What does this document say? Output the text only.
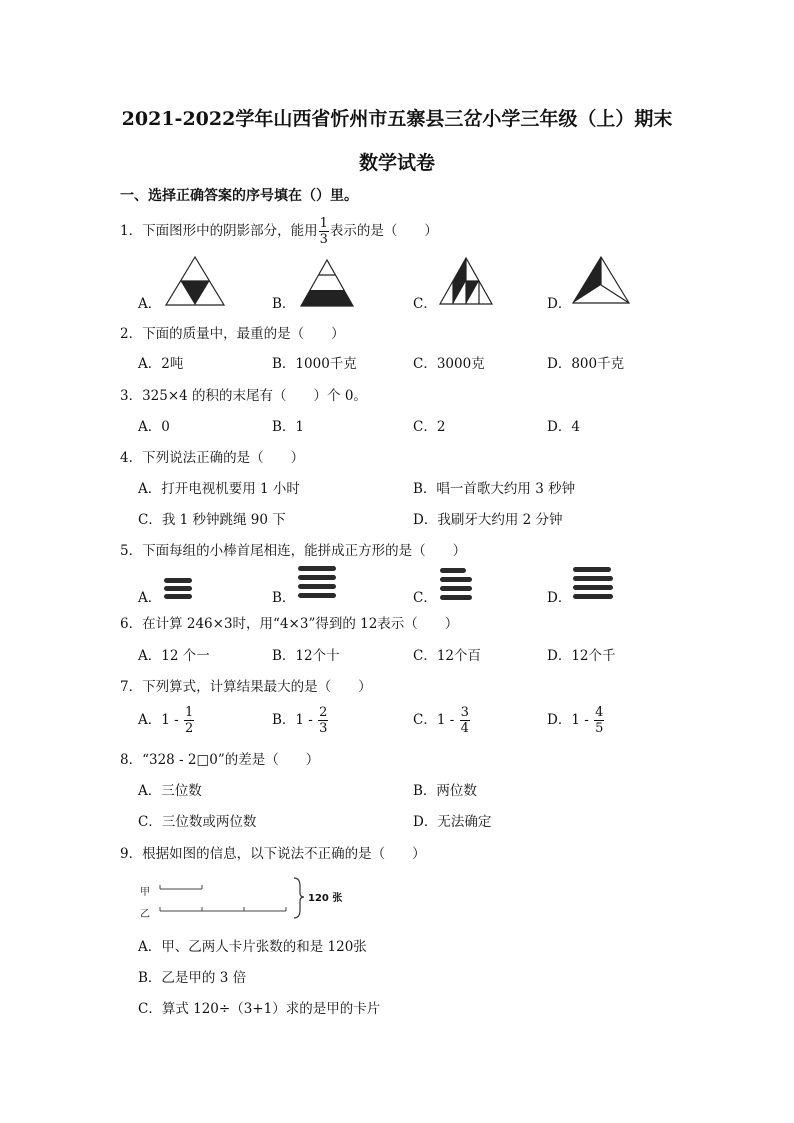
2021-2022学年山西省忻州市五寨县三岔小学三年级（上）期末
数学试卷
一、选择正确答案的序号填在（）里。
1．下面图形中的阴影部分，能用 $\frac{1}{3}$ 表示的是（　　）
A．	B．	C．	D．
2．下面的质量中，最重的是（　　）
A．2吨	B．1000千克	C．3000克	D．800千克
3．325×4 的积的末尾有（　　）个 0。
A．0	B．1	C．2	D．4
4．下列说法正确的是（　　）
A．打开电视机要用 1 小时	B．唱一首歌大约用 3 秒钟
C．我 1 秒钟跳绳 90 下	D．我刷牙大约用 2 分钟
5．下面每组的小棒首尾相连，能拼成正方形的是（　　）
A．	B．	C．	D．
6．在计算 246×3时，用“4×3”得到的 12表示（　　）
A．12 个一	B．12个十	C．12个百	D．12个千
7．下列算式，计算结果最大的是（　　）
A．$1 - \frac{1}{2}$	B．$1 - \frac{2}{3}$	C．$1 - \frac{3}{4}$	D．$1 - \frac{4}{5}$
8．“328 - 2□0”的差是（　　）
A．三位数	B．两位数
C．三位数或两位数	D．无法确定
9．根据如图的信息，以下说法不正确的是（　　）
甲
乙
120 张
A．甲、乙两人卡片张数的和是 120张
B．乙是甲的 3 倍
C．算式 120÷（3+1）求的是甲的卡片
